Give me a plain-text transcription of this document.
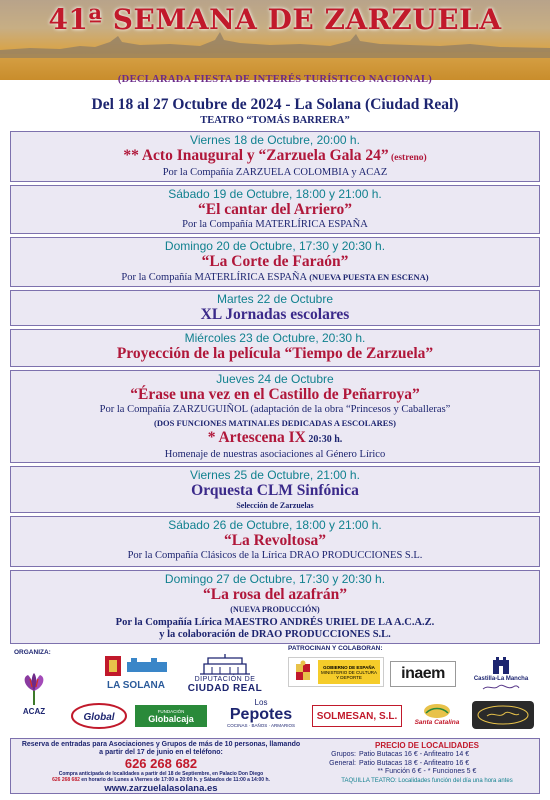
41ª SEMANA DE ZARZUELA
(DECLARADA FIESTA DE INTERÉS TURÍSTICO NACIONAL)
Del 18 al 27 Octubre de 2024 - La Solana (Ciudad Real)
TEATRO “TOMÁS BARRERA”
Viernes 18 de Octubre, 20:00 h.
** Acto Inaugural y “Zarzuela Gala 24” (estreno)
Por la Compañía ZARZUELA COLOMBIA y ACAZ
Sábado 19 de Octubre, 18:00 y 21:00 h.
“El cantar del Arriero”
Por la Compañía MATERLÍRICA ESPAÑA
Domingo 20 de Octubre, 17:30 y 20:30 h.
“La Corte de Faraón”
Por la Compañía MATERLÍRICA ESPAÑA (NUEVA PUESTA EN ESCENA)
Martes 22 de Octubre
XL Jornadas escolares
Miércoles 23 de Octubre, 20:30 h.
Proyección de la película “Tiempo de Zarzuela”
Jueves 24 de Octubre
“Érase una vez en el Castillo de Peñarroya”
Por la Compañía ZARZUGUIÑOL (adaptación de la obra “Princesos y Caballeras”
(DOS FUNCIONES MATINALES DEDICADAS A ESCOLARES)
* Artescena IX 20:30 h.
Homenaje de nuestras asociaciones al Género Lírico
Viernes 25 de Octubre, 21:00 h.
Orquesta CLM Sinfónica
Selección de Zarzuelas
Sábado 26 de Octubre, 18:00 y 21:00 h.
“La Revoltosa”
Por la Compañía Clásicos de la Lírica DRAO PRODUCCIONES S.L.
Domingo 27 de Octubre, 17:30 y 20:30 h.
“La rosa del azafrán”
(NUEVA PRODUCCIÓN)
Por la Compañía Lírica MAESTRO ANDRÉS URIEL DE LA A.C.A.Z.
y la colaboración de DRAO PRODUCCIONES S.L.
ORGANIZA:
PATROCINAN Y COLABORAN:
ACAZ
Global
LA SOLANA	DIPUTACIÓN DE
CIUDAD REAL
GOBIERNO DE ESPAÑA
MINISTERIO DE CULTURA Y DEPORTE	inaem	Castilla-La Mancha
FUNDACIÓN
Globalcaja
Los
Pepotes
COCINAS · BAÑOS · ARMARIOS
SOLMESAN, S.L.
Santa Catalina
Reserva de entradas para Asociaciones y Grupos de más de 10 personas, llamando a partir del 17 de junio en el teléfono:
626 268 682
Compra anticipada de localidades a partir del 18 de Septiembre, en Palacio Don Diego
626 268 682 en horario de Lunes a Viernes de 17:00 a 20:00 h. y Sábados de 11:00 a 14:00 h.
www.zarzuelalasolana.es
PRECIO DE LOCALIDADES
Grupos: Patio Butacas 16 € - Anfiteatro 14 €
General: Patio Butacas 18 € - Anfiteatro 16 €
** Función 6 € - * Funciones 5 €
TAQUILLA TEATRO: Localidades función del día una hora antes
